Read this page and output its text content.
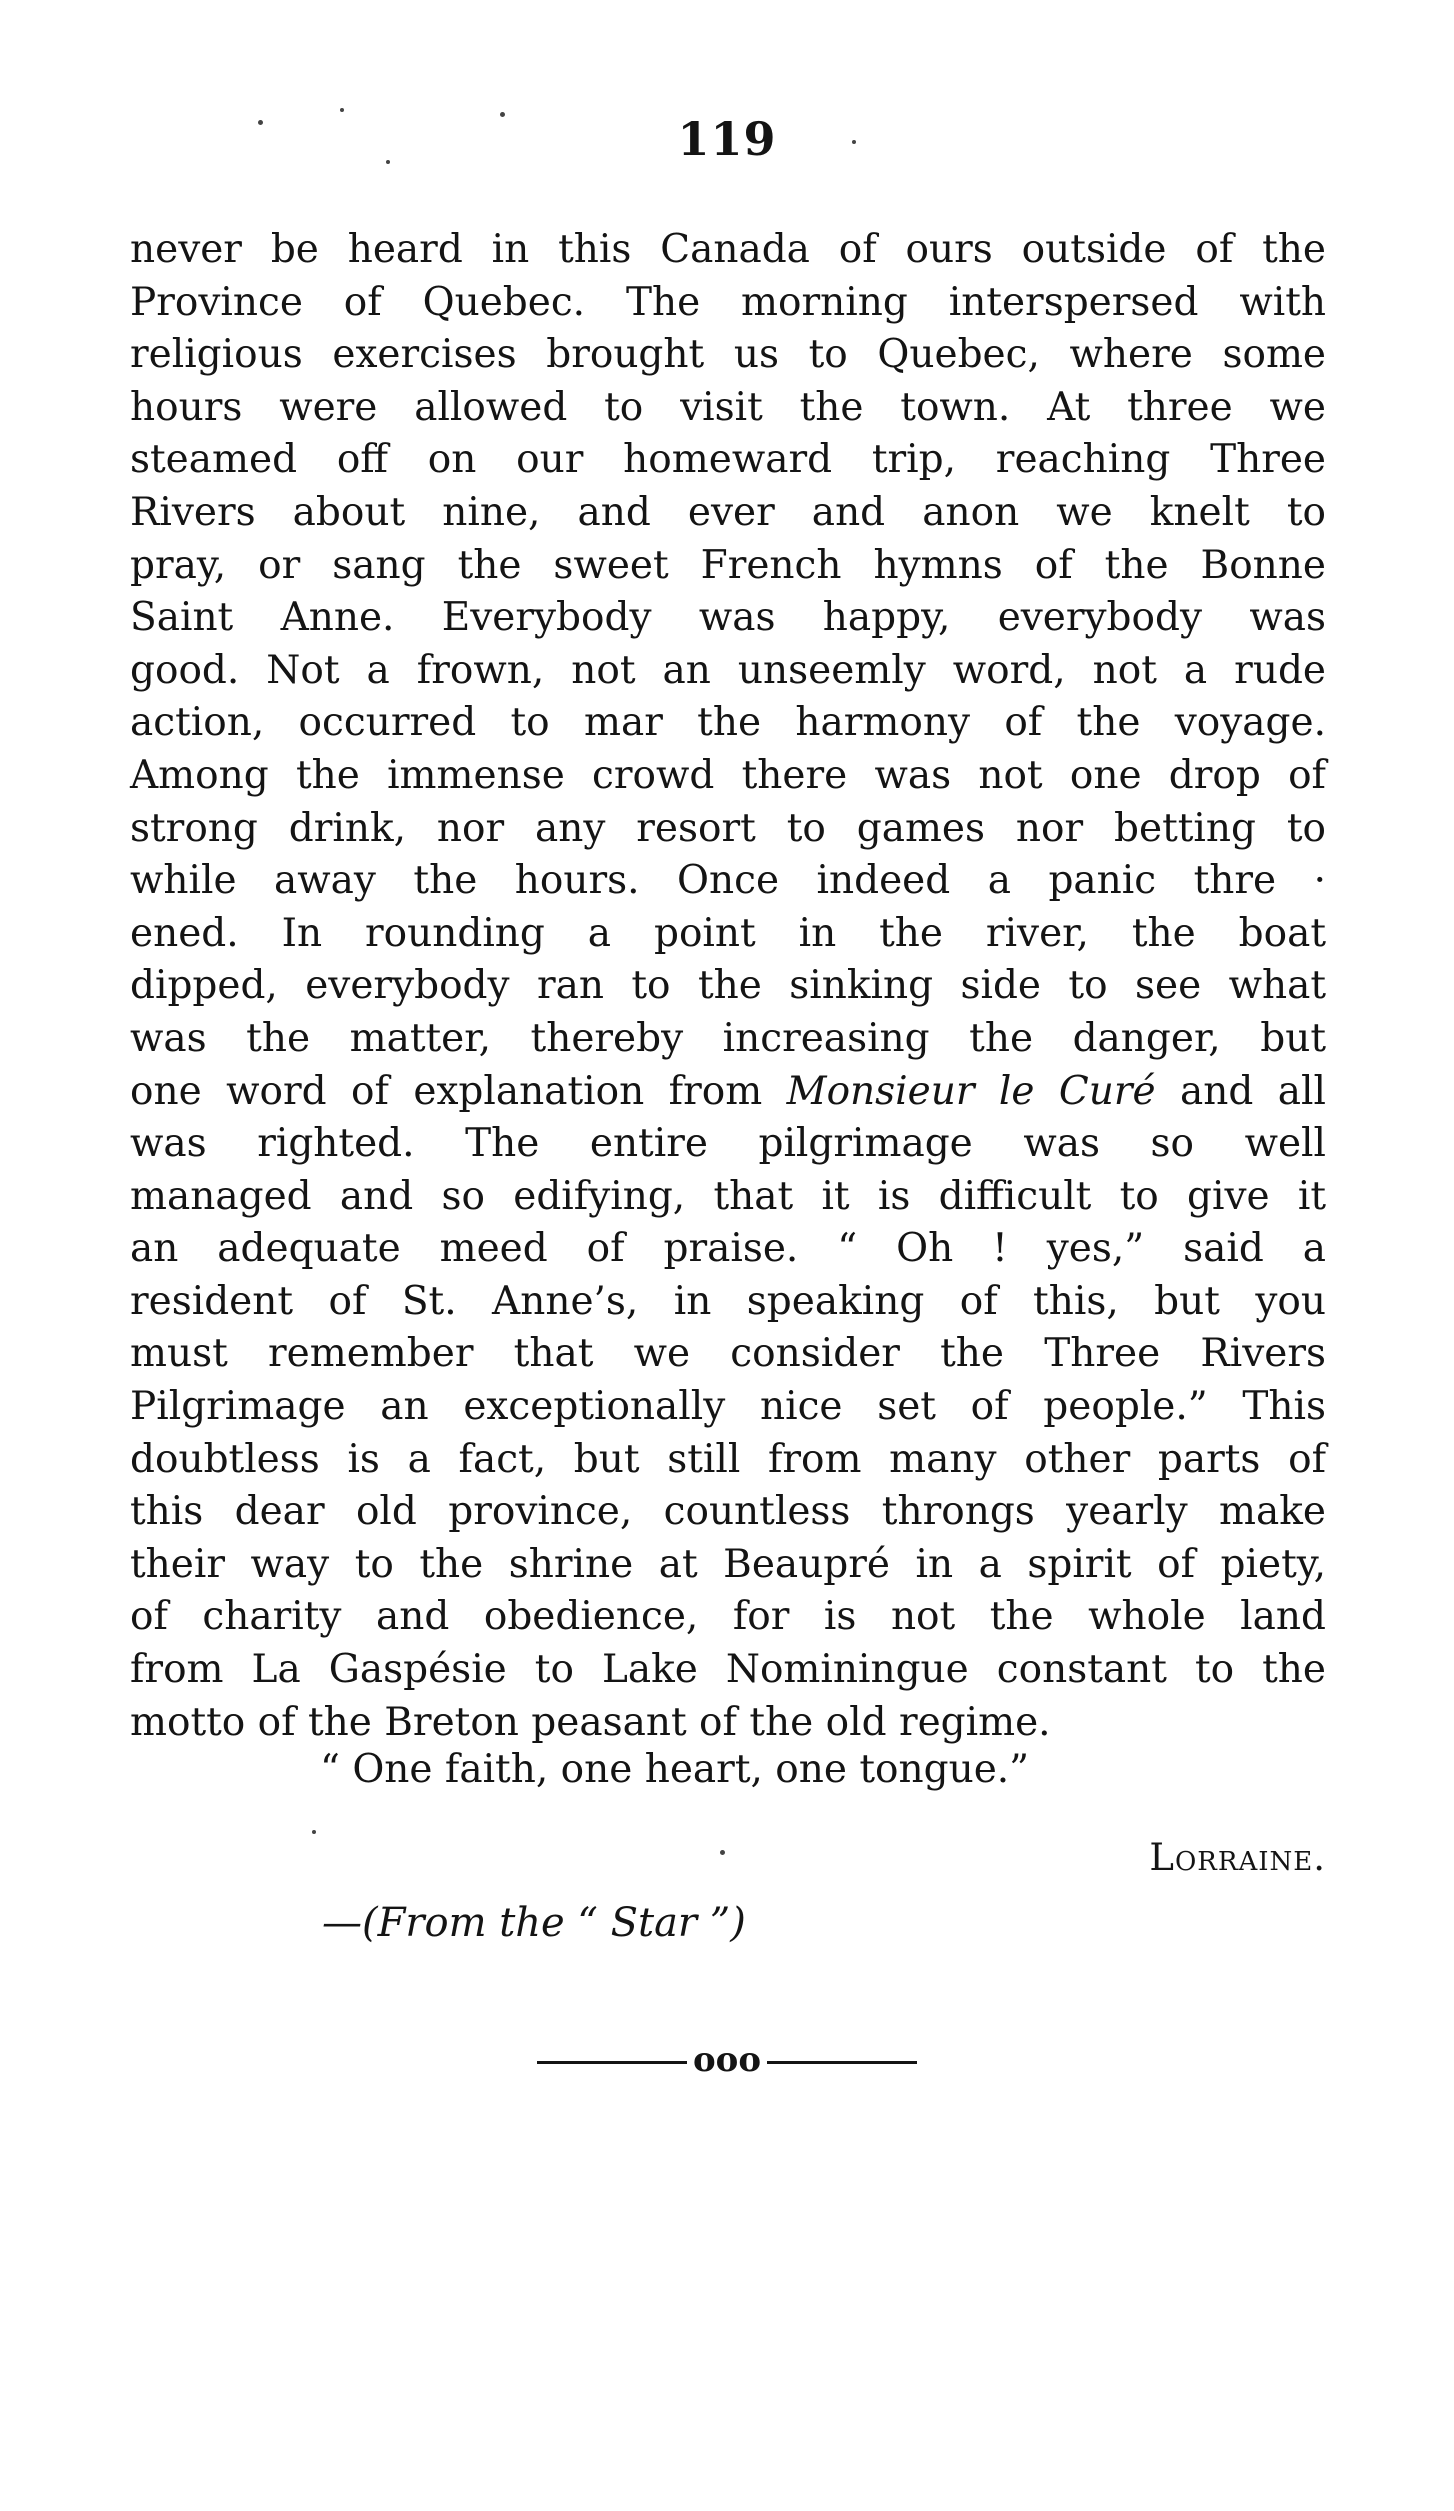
119
never be heard in this Canada of ours outside of the
Province of Quebec. The morning interspersed with
religious exercises brought us to Quebec, where some
hours were allowed to visit the town. At three we
steamed off on our homeward trip, reaching Three
Rivers about nine, and ever and anon we knelt to
pray, or sang the sweet French hymns of the Bonne
Saint Anne. Everybody was happy, everybody was
good. Not a frown, not an unseemly word, not a rude
action, occurred to mar the harmony of the voyage.
Among the immense crowd there was not one drop of
strong drink, nor any resort to games nor betting to
while away the hours. Once indeed a panic thre ·
ened. In rounding a point in the river, the boat
dipped, everybody ran to the sinking side to see what
was the matter, thereby increasing the danger, but
one word of explanation from Monsieur le Curé and all
was righted. The entire pilgrimage was so well
managed and so edifying, that it is difficult to give it
an adequate meed of praise. “ Oh ! yes,” said a
resident of St. Anne’s, in speaking of this, but you
must remember that we consider the Three Rivers
Pilgrimage an exceptionally nice set of people.” This
doubtless is a fact, but still from many other parts of
this dear old province, countless throngs yearly make
their way to the shrine at Beaupré in a spirit of piety,
of charity and obedience, for is not the whole land
from La Gaspésie to Lake Nominingue constant to the
motto of the Breton peasant of the old regime.
“ One faith, one heart, one tongue.”
Lorraine.
—(From the “ Star ”)
ooo
